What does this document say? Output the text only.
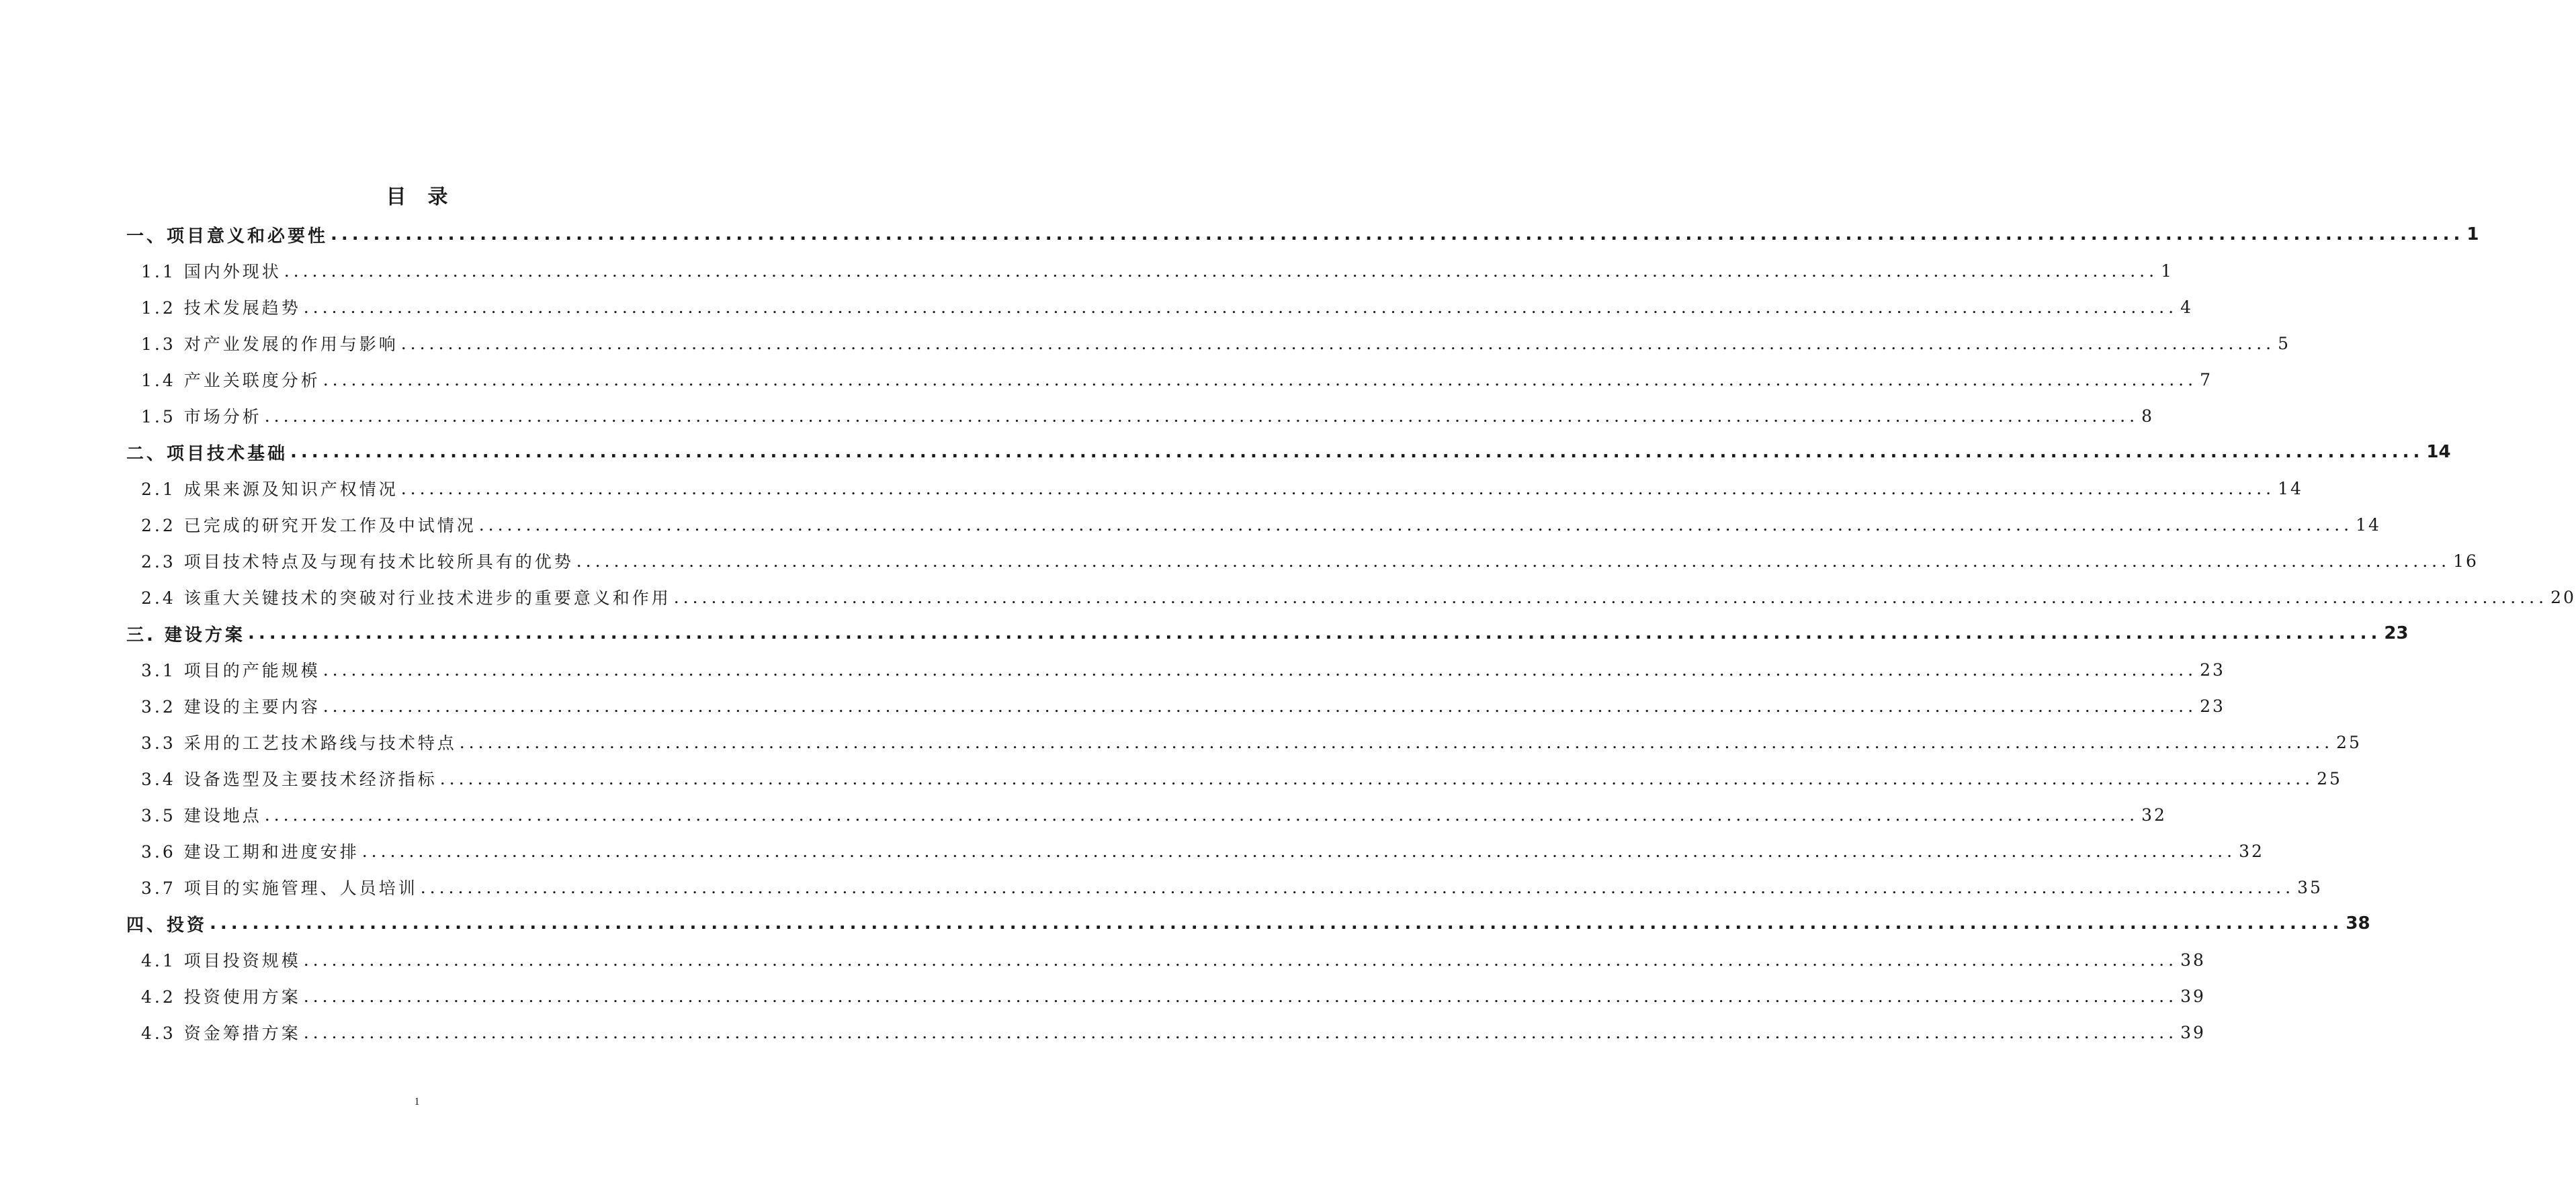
目录
一、项目意义和必要性 ........................................................................................................................................................................................................ 1
1.1 国内外现状 ........................................................................................................................................................................................................ 1
1.2 技术发展趋势 ........................................................................................................................................................................................................ 4
1.3 对产业发展的作用与影响 ........................................................................................................................................................................................................ 5
1.4 产业关联度分析 ........................................................................................................................................................................................................ 7
1.5 市场分析 ........................................................................................................................................................................................................ 8
二、项目技术基础 ........................................................................................................................................................................................................ 14
2.1 成果来源及知识产权情况 ........................................................................................................................................................................................................ 14
2.2 已完成的研究开发工作及中试情况 ........................................................................................................................................................................................................ 14
2.3 项目技术特点及与现有技术比较所具有的优势 ........................................................................................................................................................................................................ 16
2.4 该重大关键技术的突破对行业技术进步的重要意义和作用 ........................................................................................................................................................................................................ 20
三. 建设方案 ........................................................................................................................................................................................................ 23
3.1 项目的产能规模 ........................................................................................................................................................................................................ 23
3.2 建设的主要内容 ........................................................................................................................................................................................................ 23
3.3 采用的工艺技术路线与技术特点 ........................................................................................................................................................................................................ 25
3.4 设备选型及主要技术经济指标 ........................................................................................................................................................................................................ 25
3.5 建设地点 ........................................................................................................................................................................................................ 32
3.6 建设工期和进度安排 ........................................................................................................................................................................................................ 32
3.7 项目的实施管理、人员培训 ........................................................................................................................................................................................................ 35
四、投资 ........................................................................................................................................................................................................ 38
4.1 项目投资规模 ........................................................................................................................................................................................................ 38
4.2 投资使用方案 ........................................................................................................................................................................................................ 39
4.3 资金筹措方案 ........................................................................................................................................................................................................ 39
1
